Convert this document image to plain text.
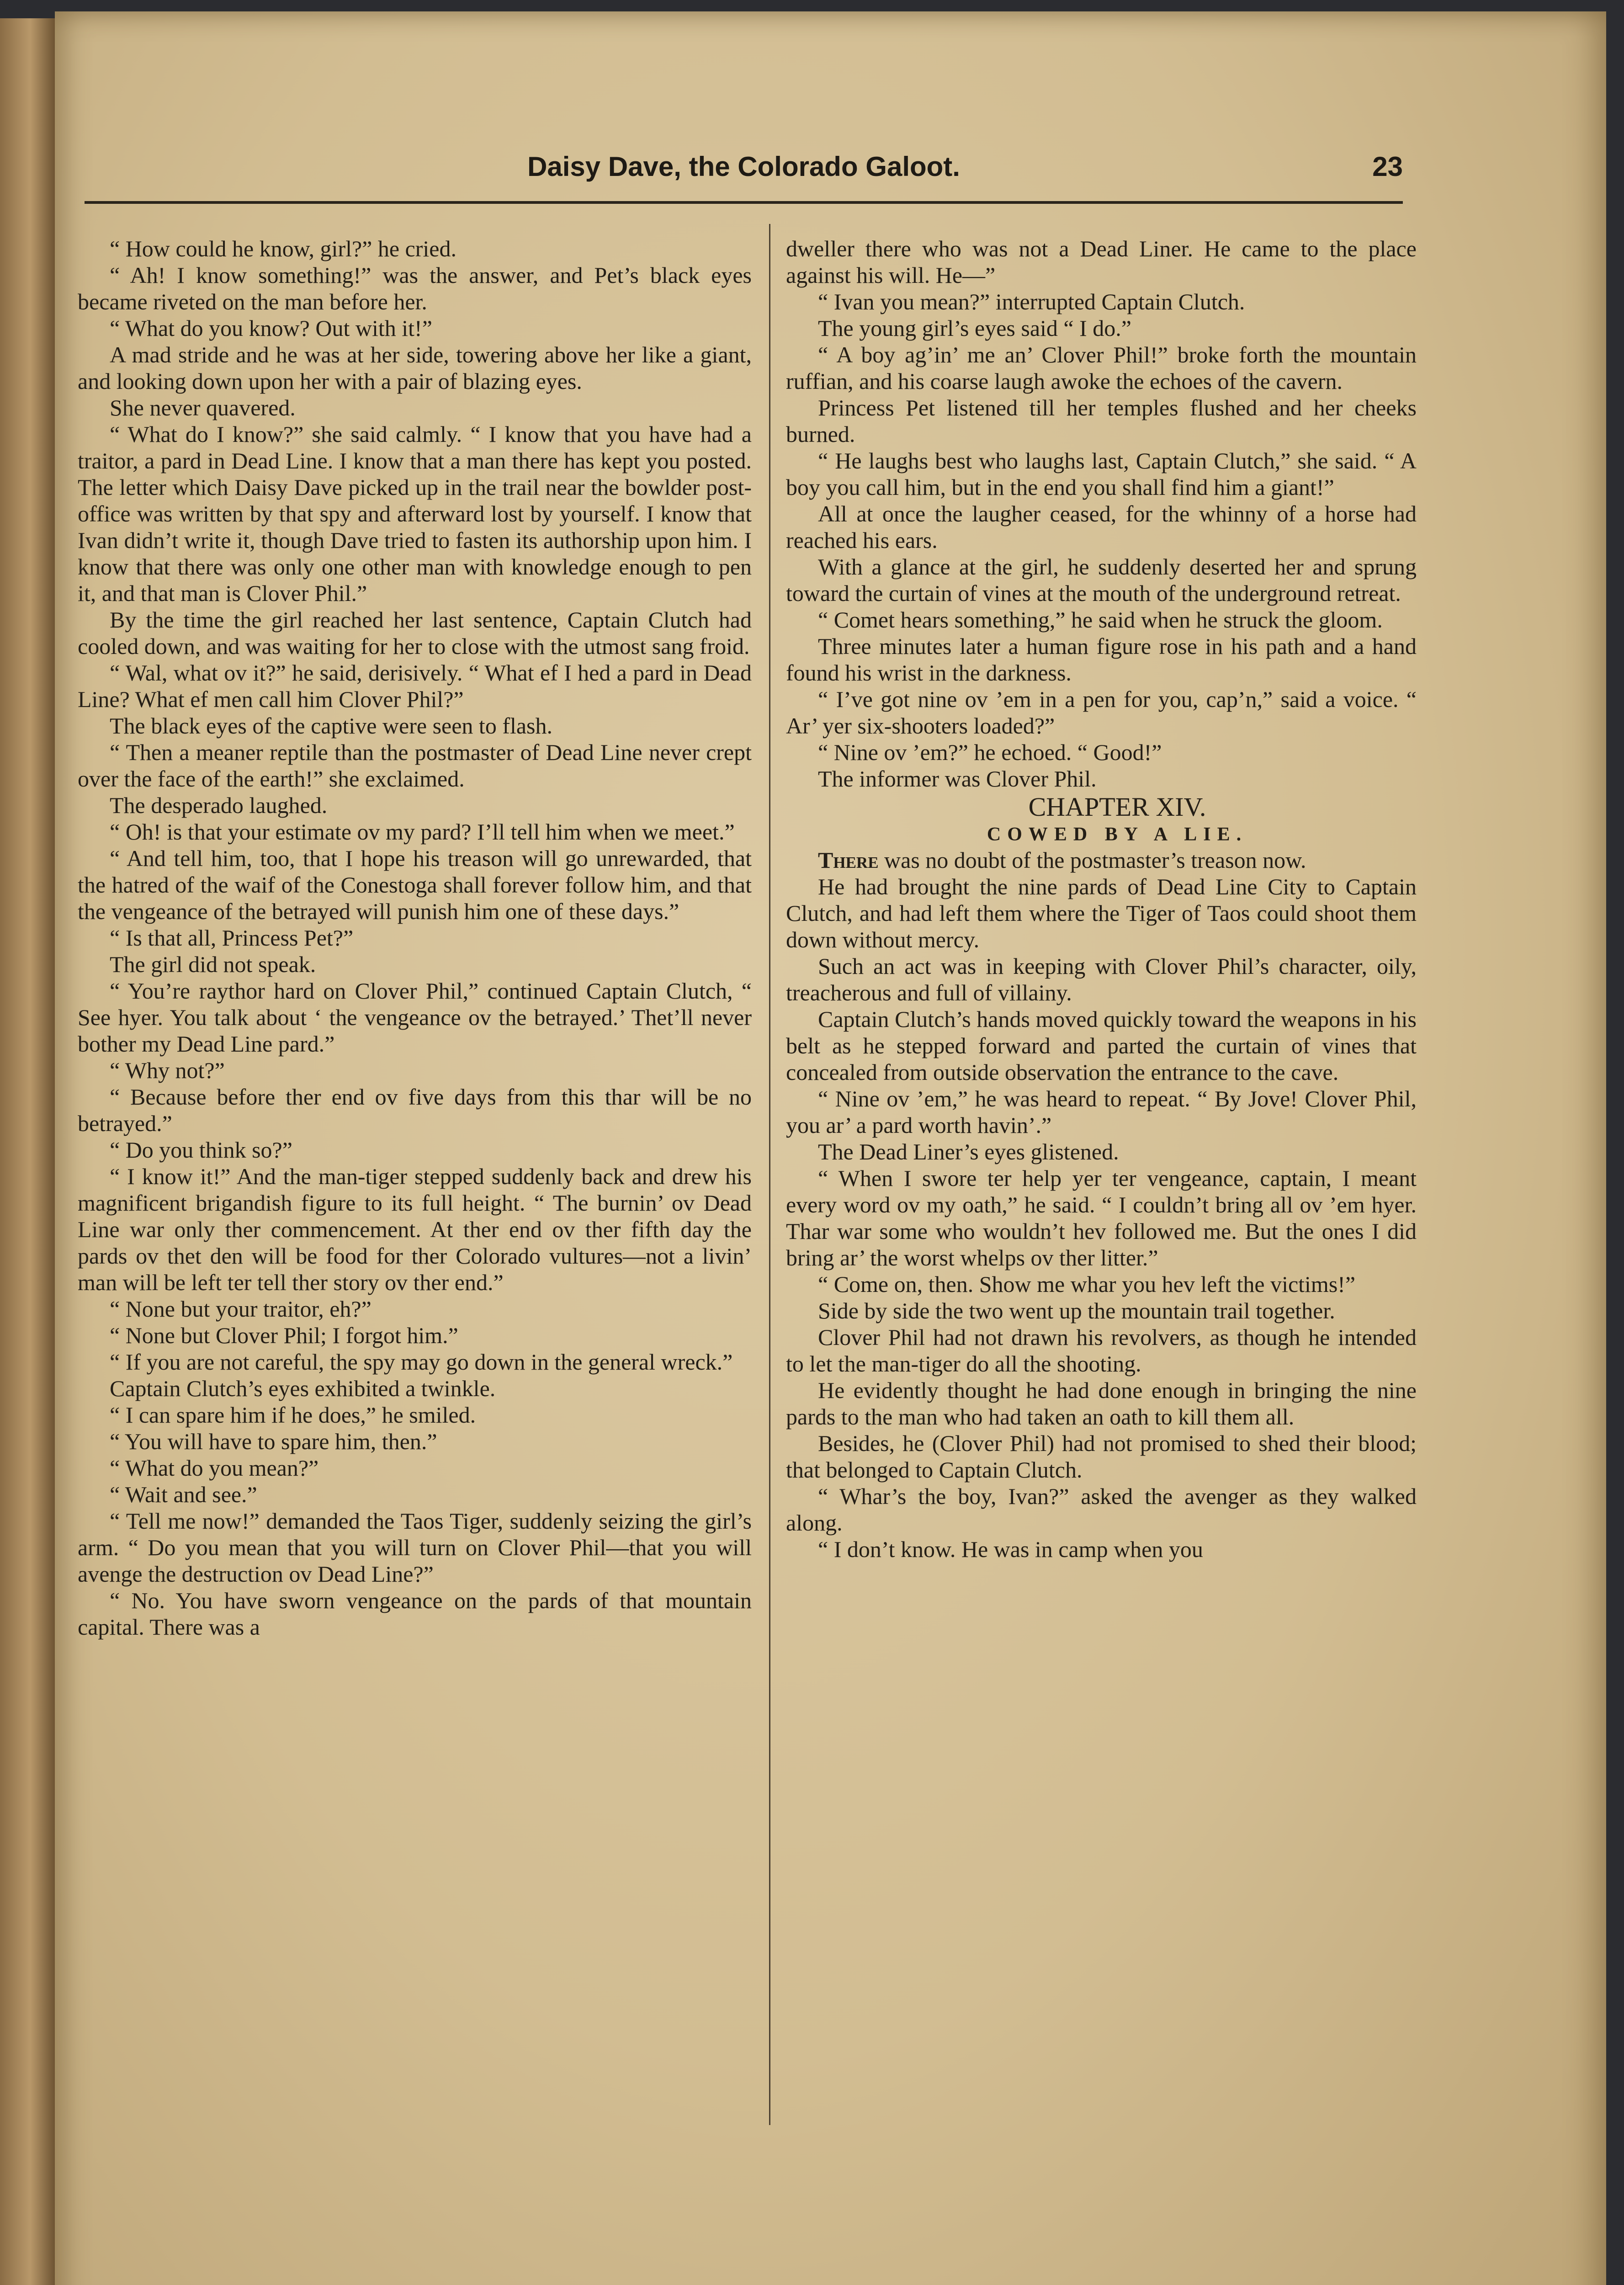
Daisy Dave, the Colorado Galoot.	23

“ How could he know, girl?” he cried.

“ Ah! I know something!” was the answer, and Pet’s black eyes became riveted on the man before her.

“ What do you know? Out with it!”

A mad stride and he was at her side, towering above her like a giant, and looking down upon her with a pair of blazing eyes.

She never quavered.

“ What do I know?” she said calmly. “ I know that you have had a traitor, a pard in Dead Line. I know that a man there has kept you posted. The letter which Daisy Dave picked up in the trail near the bowlder post-office was written by that spy and afterward lost by yourself. I know that Ivan didn’t write it, though Dave tried to fasten its authorship upon him. I know that there was only one other man with knowledge enough to pen it, and that man is Clover Phil.”

By the time the girl reached her last sentence, Captain Clutch had cooled down, and was waiting for her to close with the utmost sang froid.

“ Wal, what ov it?” he said, derisively. “ What ef I hed a pard in Dead Line? What ef men call him Clover Phil?”

The black eyes of the captive were seen to flash.

“ Then a meaner reptile than the postmaster of Dead Line never crept over the face of the earth!” she exclaimed.

The desperado laughed.

“ Oh! is that your estimate ov my pard? I’ll tell him when we meet.”

“ And tell him, too, that I hope his treason will go unrewarded, that the hatred of the waif of the Conestoga shall forever follow him, and that the vengeance of the betrayed will punish him one of these days.”

“ Is that all, Princess Pet?”

The girl did not speak.

“ You’re raythor hard on Clover Phil,” continued Captain Clutch, “ See hyer. You talk about ‘ the vengeance ov the betrayed.’ Thet’ll never bother my Dead Line pard.”

“ Why not?”

“ Because before ther end ov five days from this thar will be no betrayed.”

“ Do you think so?”

“ I know it!” And the man-tiger stepped suddenly back and drew his magnificent brigandish figure to its full height. “ The burnin’ ov Dead Line war only ther commencement. At ther end ov ther fifth day the pards ov thet den will be food for ther Colorado vultures—not a livin’ man will be left ter tell ther story ov ther end.”

“ None but your traitor, eh?”

“ None but Clover Phil; I forgot him.”

“ If you are not careful, the spy may go down in the general wreck.”

Captain Clutch’s eyes exhibited a twinkle.

“ I can spare him if he does,” he smiled.

“ You will have to spare him, then.”

“ What do you mean?”

“ Wait and see.”

“ Tell me now!” demanded the Taos Tiger, suddenly seizing the girl’s arm. “ Do you mean that you will turn on Clover Phil—that you will avenge the destruction ov Dead Line?”

“ No. You have sworn vengeance on the pards of that mountain capital. There was a

dweller there who was not a Dead Liner. He came to the place against his will. He—”

“ Ivan you mean?” interrupted Captain Clutch.

The young girl’s eyes said “ I do.”

“ A boy ag’in’ me an’ Clover Phil!” broke forth the mountain ruffian, and his coarse laugh awoke the echoes of the cavern.

Princess Pet listened till her temples flushed and her cheeks burned.

“ He laughs best who laughs last, Captain Clutch,” she said. “ A boy you call him, but in the end you shall find him a giant!”

All at once the laugher ceased, for the whinny of a horse had reached his ears.

With a glance at the girl, he suddenly deserted her and sprung toward the curtain of vines at the mouth of the underground retreat.

“ Comet hears something,” he said when he struck the gloom.

Three minutes later a human figure rose in his path and a hand found his wrist in the darkness.

“ I’ve got nine ov ’em in a pen for you, cap’n,” said a voice. “ Ar’ yer six-shooters loaded?”

“ Nine ov ’em?” he echoed. “ Good!”

The informer was Clover Phil.

CHAPTER XIV.

COWED BY A LIE.

There was no doubt of the postmaster’s treason now.

He had brought the nine pards of Dead Line City to Captain Clutch, and had left them where the Tiger of Taos could shoot them down without mercy.

Such an act was in keeping with Clover Phil’s character, oily, treacherous and full of villainy.

Captain Clutch’s hands moved quickly toward the weapons in his belt as he stepped forward and parted the curtain of vines that concealed from outside observation the entrance to the cave.

“ Nine ov ’em,” he was heard to repeat. “ By Jove! Clover Phil, you ar’ a pard worth havin’.”

The Dead Liner’s eyes glistened.

“ When I swore ter help yer ter vengeance, captain, I meant every word ov my oath,” he said. “ I couldn’t bring all ov ’em hyer. Thar war some who wouldn’t hev followed me. But the ones I did bring ar’ the worst whelps ov ther litter.”

“ Come on, then. Show me whar you hev left the victims!”

Side by side the two went up the mountain trail together.

Clover Phil had not drawn his revolvers, as though he intended to let the man-tiger do all the shooting.

He evidently thought he had done enough in bringing the nine pards to the man who had taken an oath to kill them all.

Besides, he (Clover Phil) had not promised to shed their blood; that belonged to Captain Clutch.

“ Whar’s the boy, Ivan?” asked the avenger as they walked along.

“ I don’t know. He was in camp when you
